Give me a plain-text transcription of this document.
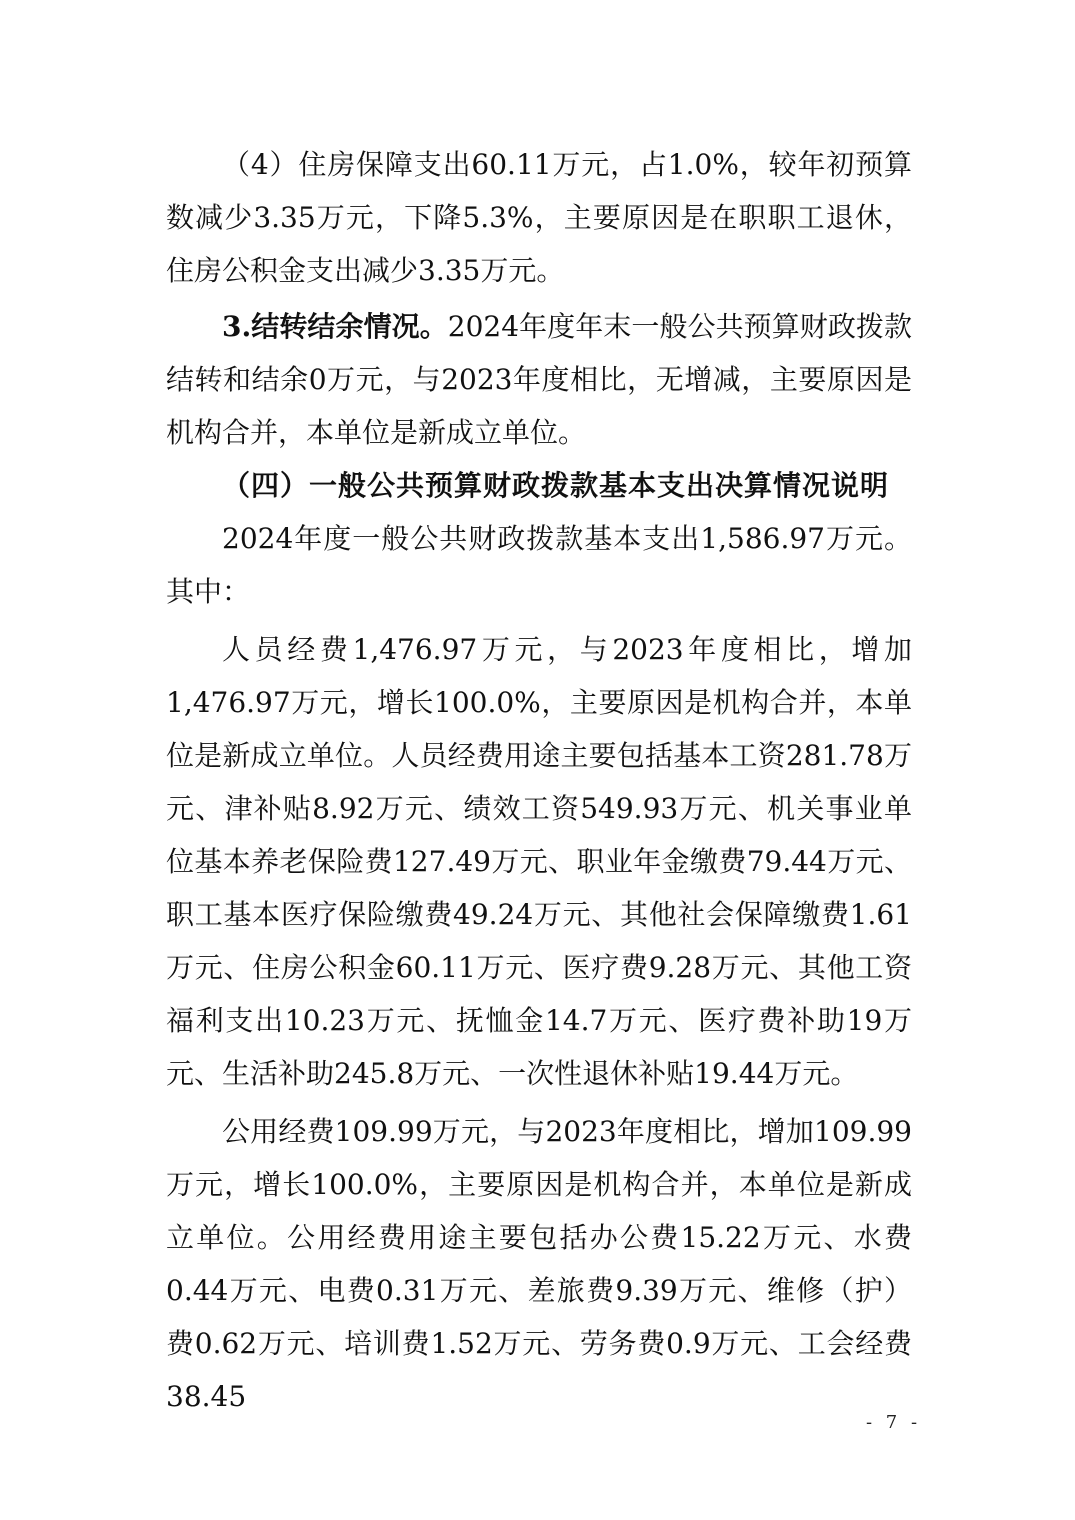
（4）住房保障支出60.11万元，占1.0%，较年初预算数减少3.35万元，下降5.3%，主要原因是在职职工退休，住房公积金支出减少3.35万元。

3.结转结余情况。2024年度年末一般公共预算财政拨款结转和结余0万元，与2023年度相比，无增减，主要原因是机构合并，本单位是新成立单位。

（四）一般公共预算财政拨款基本支出决算情况说明

2024年度一般公共财政拨款基本支出1,586.97万元。其中：

人员经费1,476.97万元，与2023年度相比，增加1,476.97万元，增长100.0%，主要原因是机构合并，本单位是新成立单位。人员经费用途主要包括基本工资281.78万元、津补贴8.92万元、绩效工资549.93万元、机关事业单位基本养老保险费127.49万元、职业年金缴费79.44万元、职工基本医疗保险缴费49.24万元、其他社会保障缴费1.61万元、住房公积金60.11万元、医疗费9.28万元、其他工资福利支出10.23万元、抚恤金14.7万元、医疗费补助19万元、生活补助245.8万元、一次性退休补贴19.44万元。

公用经费109.99万元，与2023年度相比，增加109.99万元，增长100.0%，主要原因是机构合并，本单位是新成立单位。公用经费用途主要包括办公费15.22万元、水费0.44万元、电费0.31万元、差旅费9.39万元、维修（护）费0.62万元、培训费1.52万元、劳务费0.9万元、工会经费38.45

- 7 -
